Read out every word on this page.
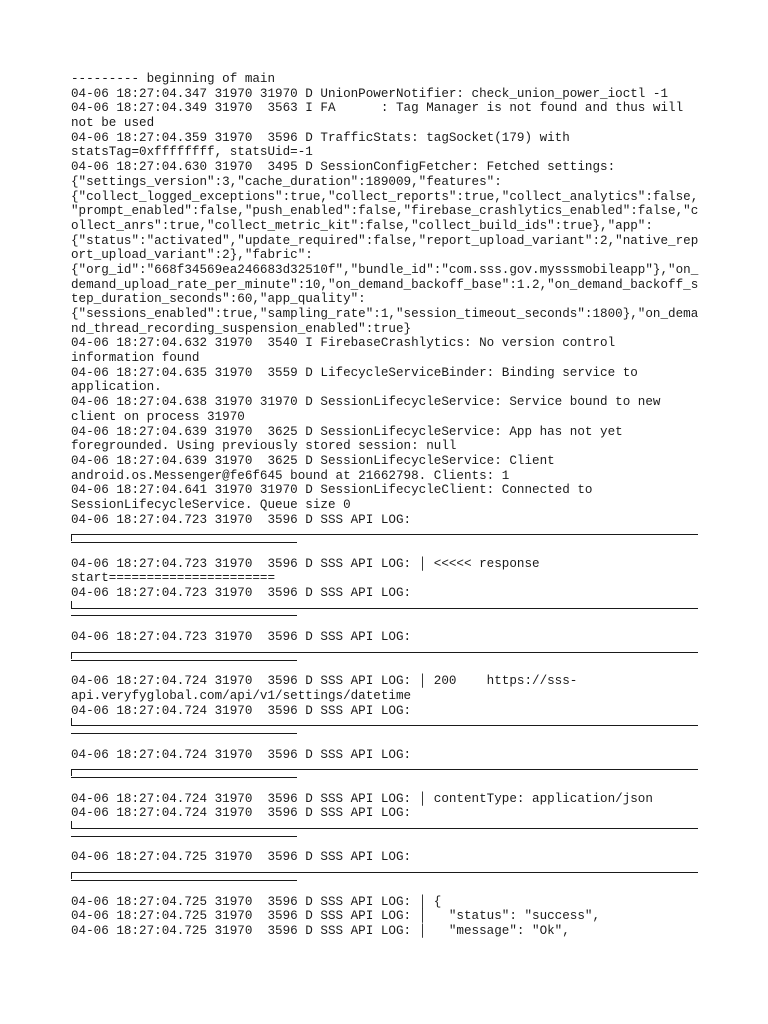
--------- beginning of main
04-06 18:27:04.347 31970 31970 D UnionPowerNotifier: check_union_power_ioctl -1
04-06 18:27:04.349 31970  3563 I FA      : Tag Manager is not found and thus will
not be used
04-06 18:27:04.359 31970  3596 D TrafficStats: tagSocket(179) with
statsTag=0xffffffff, statsUid=-1
04-06 18:27:04.630 31970  3495 D SessionConfigFetcher: Fetched settings:
{"settings_version":3,"cache_duration":189009,"features":
{"collect_logged_exceptions":true,"collect_reports":true,"collect_analytics":false,
"prompt_enabled":false,"push_enabled":false,"firebase_crashlytics_enabled":false,"c
ollect_anrs":true,"collect_metric_kit":false,"collect_build_ids":true},"app":
{"status":"activated","update_required":false,"report_upload_variant":2,"native_rep
ort_upload_variant":2},"fabric":
{"org_id":"668f34569ea246683d32510f","bundle_id":"com.sss.gov.mysssmobileapp"},"on_
demand_upload_rate_per_minute":10,"on_demand_backoff_base":1.2,"on_demand_backoff_s
tep_duration_seconds":60,"app_quality":
{"sessions_enabled":true,"sampling_rate":1,"session_timeout_seconds":1800},"on_dema
nd_thread_recording_suspension_enabled":true}
04-06 18:27:04.632 31970  3540 I FirebaseCrashlytics: No version control
information found
04-06 18:27:04.635 31970  3559 D LifecycleServiceBinder: Binding service to
application.
04-06 18:27:04.638 31970 31970 D SessionLifecycleService: Service bound to new
client on process 31970
04-06 18:27:04.639 31970  3625 D SessionLifecycleService: App has not yet
foregrounded. Using previously stored session: null
04-06 18:27:04.639 31970  3625 D SessionLifecycleService: Client
android.os.Messenger@fe6f645 bound at 21662798. Clients: 1
04-06 18:27:04.641 31970 31970 D SessionLifecycleClient: Connected to
SessionLifecycleService. Queue size 0
04-06 18:27:04.723 31970  3596 D SSS API LOG:
04-06 18:27:04.723 31970  3596 D SSS API LOG: │ <<<<< response
start======================
04-06 18:27:04.723 31970  3596 D SSS API LOG:
04-06 18:27:04.723 31970  3596 D SSS API LOG:
04-06 18:27:04.724 31970  3596 D SSS API LOG: │ 200    https://sss-
api.veryfyglobal.com/api/v1/settings/datetime
04-06 18:27:04.724 31970  3596 D SSS API LOG:
04-06 18:27:04.724 31970  3596 D SSS API LOG:
04-06 18:27:04.724 31970  3596 D SSS API LOG: │ contentType: application/json
04-06 18:27:04.724 31970  3596 D SSS API LOG:
04-06 18:27:04.725 31970  3596 D SSS API LOG:
04-06 18:27:04.725 31970  3596 D SSS API LOG: │ {
04-06 18:27:04.725 31970  3596 D SSS API LOG: │   "status": "success",
04-06 18:27:04.725 31970  3596 D SSS API LOG: │   "message": "Ok",
